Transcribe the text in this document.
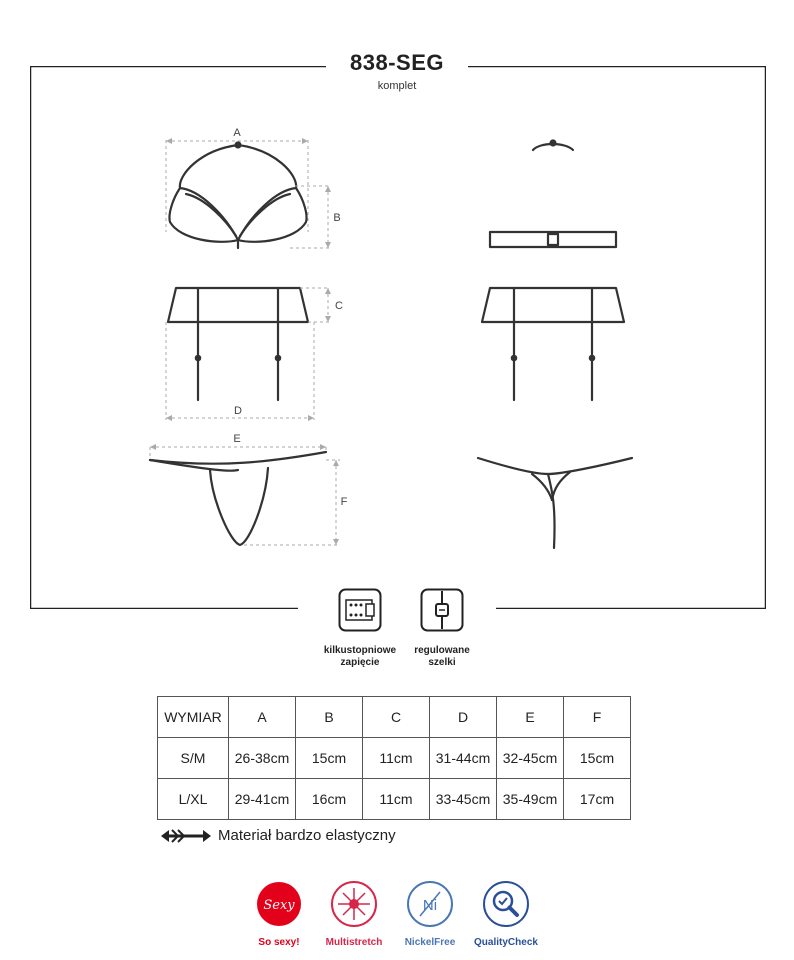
838-SEG
komplet
A
B
C
D
E
F
kilkustopniowe
zapięcie
regulowane
szelki
WYMIAR	A	B	C	D	E	F
S/M	26-38cm	15cm	11cm	31-44cm	32-45cm	15cm
L/XL	29-41cm	16cm	11cm	33-45cm	35-49cm	17cm
Materiał bardzo elastyczny
Sexy
So sexy!	Multistretch
Ni
NickelFree	QualityCheck
